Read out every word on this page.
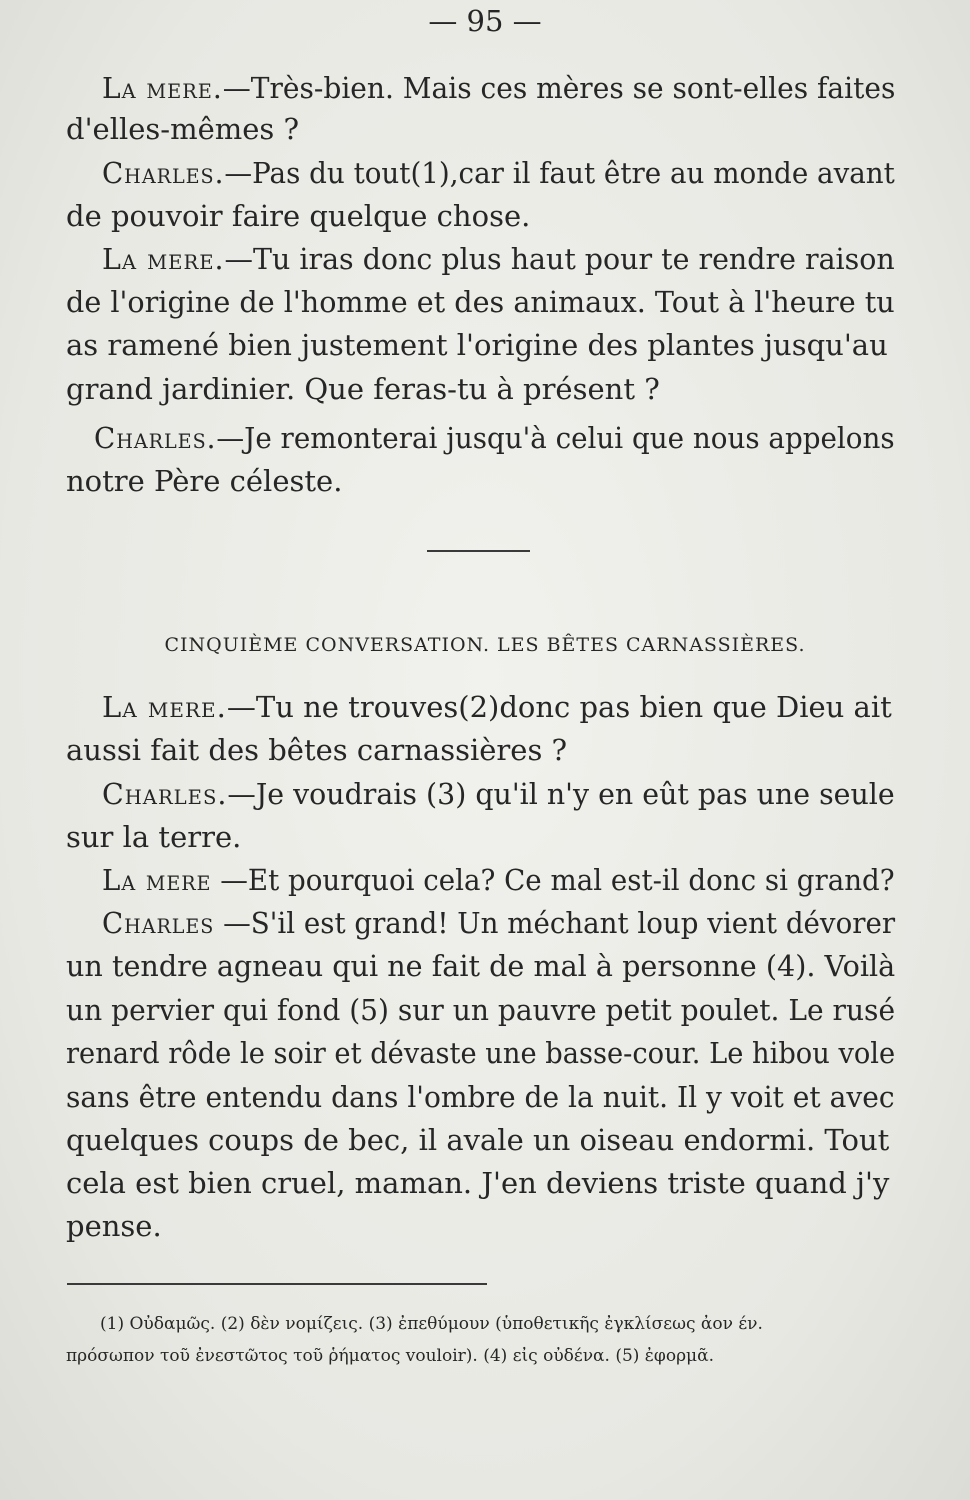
— 95 —
La mere.—Très-bien. Mais ces mères se sont-elles faites
d'elles-mêmes ?
Charles.—Pas du tout(1),car il faut être au monde avant
de pouvoir faire quelque chose.
La mere.—Tu iras donc plus haut pour te rendre raison
de l'origine de l'homme et des animaux. Tout à l'heure tu
as ramené bien justement l'origine des plantes jusqu'au
grand jardinier. Que feras-tu à présent ?
Charles.—Je remonterai jusqu'à celui que nous appelons
notre Père céleste.
CINQUIÈME CONVERSATION. LES BÊTES CARNASSIÈRES.
La mere.—Tu ne trouves(2)donc pas bien que Dieu ait
aussi fait des bêtes carnassières ?
Charles.—Je voudrais (3) qu'il n'y en eût pas une seule
sur la terre.
La mere —Et pourquoi cela? Ce mal est-il donc si grand?
Charles —S'il est grand! Un méchant loup vient dévorer
un tendre agneau qui ne fait de mal à personne (4). Voilà
un pervier qui fond (5) sur un pauvre petit poulet. Le rusé
renard rôde le soir et dévaste une basse-cour. Le hibou vole
sans être entendu dans l'ombre de la nuit. Il y voit et avec
quelques coups de bec, il avale un oiseau endormi. Tout
cela est bien cruel, maman. J'en deviens triste quand j'y
pense.
(1) Οὐδαμῶς. (2) δὲν νομίζεις. (3) ἐπεθύμουν (ὑποθετικῆς ἐγκλίσεως ἀον έν.
πρόσωπον τοῦ ἐνεστῶτος τοῦ ῥήματος vouloir). (4) εἰς οὐδένα. (5) ἐφορμᾶ.
